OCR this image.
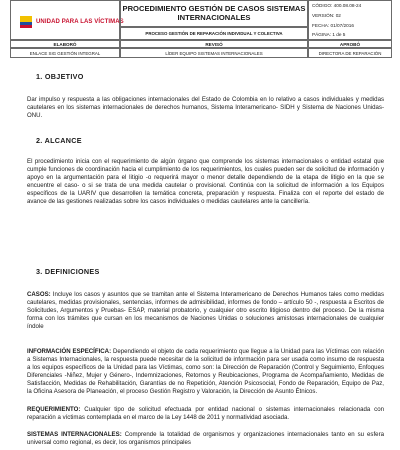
UNIDAD PARA LAS VÍCTIMAS
PROCEDIMIENTO GESTIÓN DE CASOS SISTEMAS INTERNACIONALES
PROCESO GESTIÓN DE REPARACIÓN INDIVIDUAL Y COLECTIVA
CÓDIGO: 400.08.08-24
VERSIÓN: 02
FECHA: 01/07/2016
PÁGINA: 1 de 5
ELABORÓ	REVISÓ	APROBÓ
ENLACE SIG GESTIÓN INTEGRAL	LÍDER EQUIPO SISTEMAS INTERNACIONALES	DIRECTORA DE REPARACIÓN
1. OBJETIVO

Dar impulso y respuesta a las obligaciones internacionales del Estado de Colombia en lo relativo a casos individuales y medidas cautelares en los sistemas internacionales de derechos humanos, Sistema Interamericano- SIDH y Sistema de Naciones Unidas-ONU.

2. ALCANCE

El procedimiento inicia con el requerimiento de algún órgano que comprende los sistemas internacionales o entidad estatal que cumple funciones de coordinación hacia el cumplimiento de los requerimientos, los cuales pueden ser de solicitud de información y apoyo en la argumentación para el litigio -o requerirá mayor o menor detalle dependiendo de la etapa de litigio en la que se encuentre el caso- o si se trata de una medida cautelar o provisional. Continúa con la solicitud de información a los Equipos específicos de la UARIV que desarrollen la temática concreta, preparación y respuesta. Finaliza con el reporte del estado de avance de las gestiones realizadas sobre los casos individuales o medidas cautelares ante la cancillería.

3. DEFINICIONES

CASOS: Incluye los casos y asuntos que se tramitan ante el Sistema Interamericano de Derechos Humanos tales como medidas cautelares, medidas provisionales, sentencias, informes de admisibilidad, informes de fondo – artículo 50 -, respuesta a Escritos de Solicitudes, Argumentos y Pruebas- ESAP, material probatorio, y cualquier otro escrito litigioso dentro del proceso. De la misma forma con los trámites que cursan en los mecanismos de Naciones Unidas o soluciones amistosas internacionales de cualquier índole

INFORMACIÓN ESPECÍFICA: Dependiendo el objeto de cada requerimiento que llegue a la Unidad para las Víctimas con relación a Sistemas Internacionales, la respuesta puede necesitar de la solicitud de información para ser usada como insumo de respuesta a los equipos específicos de la Unidad para las Víctimas, como son: la Dirección de Reparación (Control y Seguimiento, Enfoques Diferenciales -Niñez, Mujer y Género-, Indemnizaciones, Retornos y Reubicaciones, Programa de Acompañamiento, Medidas de Satisfacción, Medidas de Rehabilitación, Garantías de no Repetición, Atención Psicosocial, Fondo de Reparación, Equipo de Paz, la Oficina Asesora de Planeación, el proceso Gestión Registro y Valoración, la Dirección de Asunto Étnicos.

REQUERIMIENTO: Cualquier tipo de solicitud efectuada por entidad nacional o sistemas internacionales relacionada con reparación a víctimas contemplada en el marco de la Ley 1448 de 2011 y normatividad asociada.

SISTEMAS INTERNACIONALES: Comprende la totalidad de organismos y organizaciones internacionales tanto en su esfera universal como regional, es decir, los organismos principales
